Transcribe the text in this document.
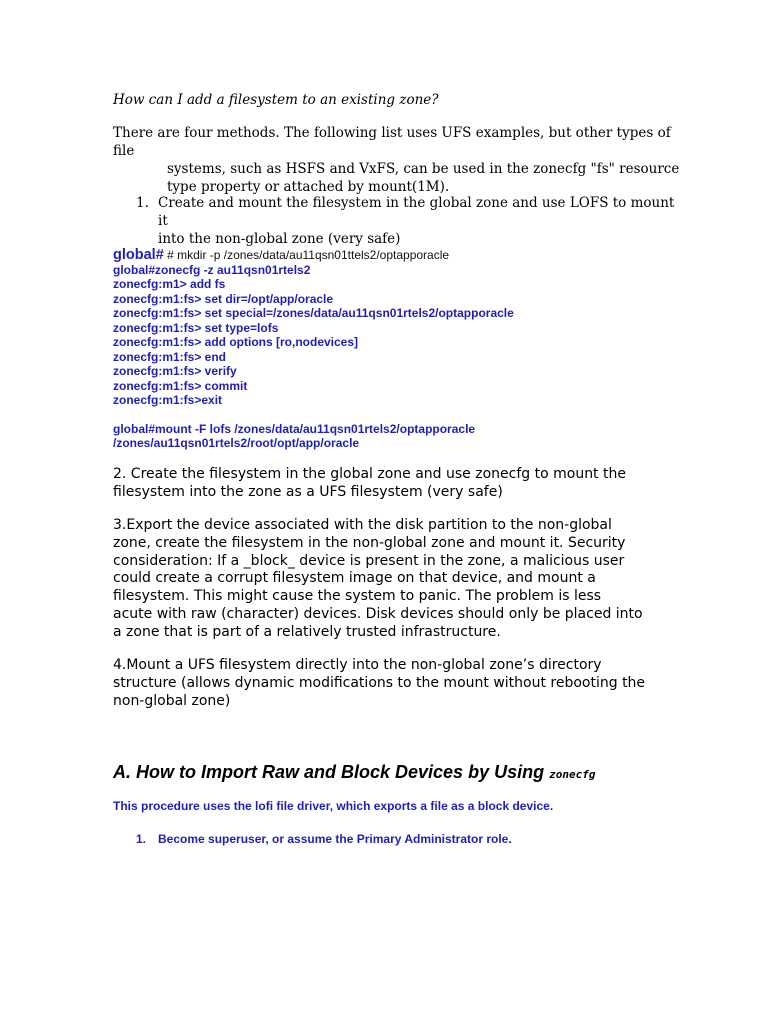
How can I add a filesystem to an existing zone?
There are four methods. The following list uses UFS examples, but other types of file
systems, such as HSFS and VxFS, can be used in the zonecfg "fs" resource
type property or attached by mount(1M).
1. Create and mount the filesystem in the global zone and use LOFS to mount it
into the non-global zone (very safe)
global# # mkdir -p /zones/data/au11qsn01ttels2/optapporacle
global#zonecfg -z au11qsn01rtels2
zonecfg:m1> add fs
zonecfg:m1:fs> set dir=/opt/app/oracle
zonecfg:m1:fs> set special=/zones/data/au11qsn01rtels2/optapporacle
zonecfg:m1:fs> set type=lofs
zonecfg:m1:fs> add options [ro,nodevices]
zonecfg:m1:fs> end
zonecfg:m1:fs> verify
zonecfg:m1:fs> commit
zonecfg:m1:fs>exit
global#mount -F lofs /zones/data/au11qsn01rtels2/optapporacle
/zones/au11qsn01rtels2/root/opt/app/oracle
2. Create the filesystem in the global zone and use zonecfg to mount the
filesystem into the zone as a UFS filesystem (very safe)
3.Export the device associated with the disk partition to the non-global
zone, create the filesystem in the non-global zone and mount it. Security
consideration: If a _block_ device is present in the zone, a malicious user
could create a corrupt filesystem image on that device, and mount a
filesystem. This might cause the system to panic. The problem is less
acute with raw (character) devices. Disk devices should only be placed into
a zone that is part of a relatively trusted infrastructure.
4.Mount a UFS filesystem directly into the non-global zone’s directory
structure (allows dynamic modifications to the mount without rebooting the
non-global zone)
A. How to Import Raw and Block Devices by Using zonecfg
This procedure uses the lofi file driver, which exports a file as a block device.
1. Become superuser, or assume the Primary Administrator role.
